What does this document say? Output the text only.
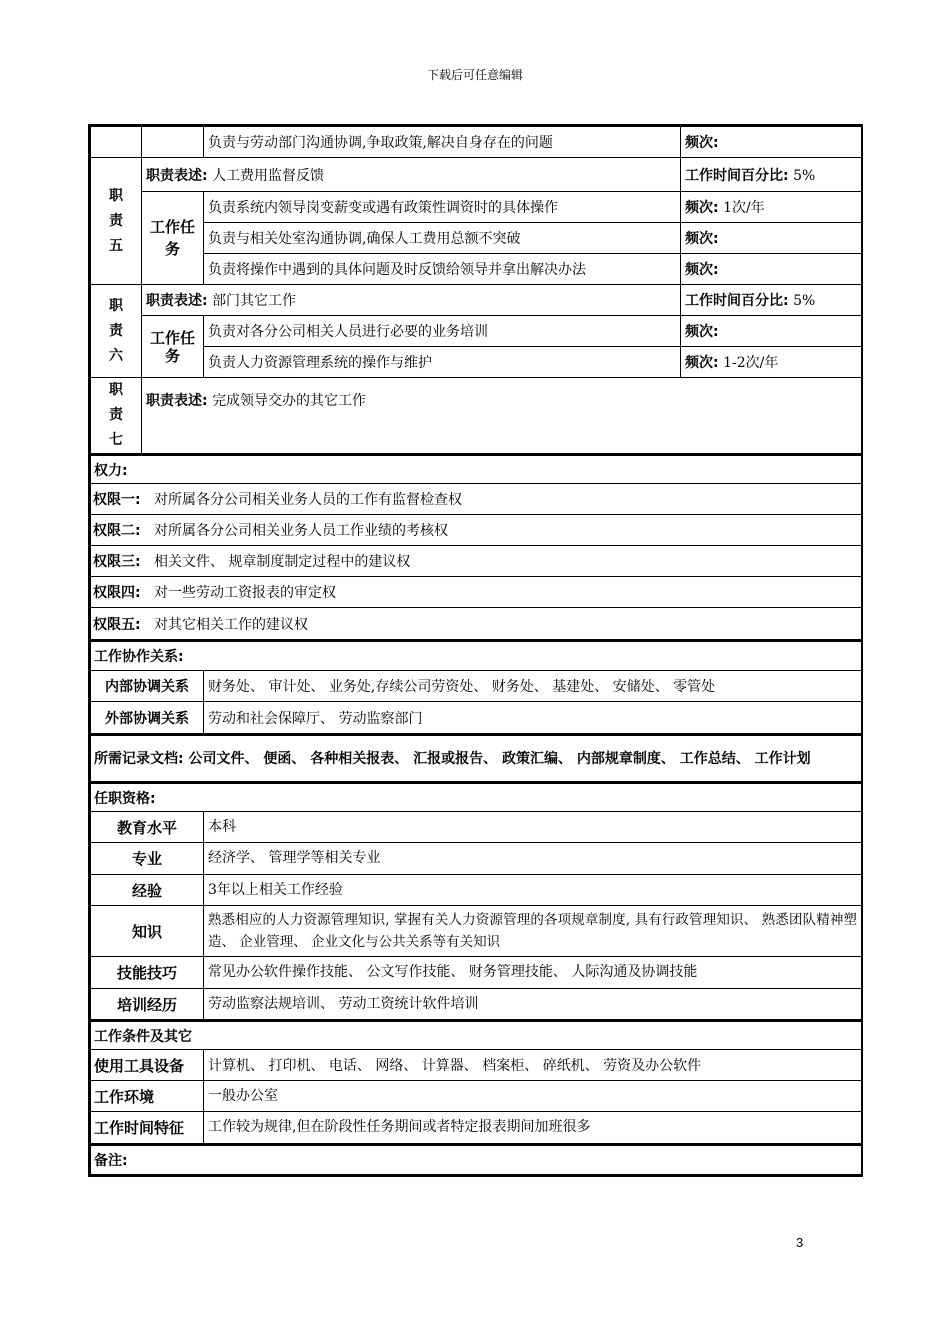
下载后可任意编辑
		负责与劳动部门沟通协调,争取政策,解决自身存在的问题	频次:
职
责
五	职责表述: 人工费用监督反馈		工作时间百分比: 5%
	工作任务	负责系统内领导岗变薪变或遇有政策性调资时的具体操作	频次: 1次/年
		负责与相关处室沟通协调,确保人工费用总额不突破	频次:
		负责将操作中遇到的具体问题及时反馈给领导并拿出解决办法	频次:
职
责
六	职责表述: 部门其它工作		工作时间百分比: 5%
	工作任务	负责对各分公司相关人员进行必要的业务培训	频次:
		负责人力资源管理系统的操作与维护	频次: 1-2次/年
职
责
七	职责表述: 完成领导交办的其它工作		
权力:			
权限一: 对所属各分公司相关业务人员的工作有监督检查权			
权限二: 对所属各分公司相关业务人员工作业绩的考核权			
权限三: 相关文件、 规章制度制定过程中的建议权			
权限四: 对一些劳动工资报表的审定权			
权限五: 对其它相关工作的建议权			
工作协作关系:			
内部协调关系		财务处、 审计处、 业务处,存续公司劳资处、 财务处、 基建处、 安储处、 零管处	
外部协调关系		劳动和社会保障厅、 劳动监察部门	
所需记录文档: 公司文件、 便函、 各种相关报表、 汇报或报告、 政策汇编、 内部规章制度、 工作总结、 工作计划			
任职资格:			
教育水平		本科	
专业		经济学、 管理学等相关专业	
经验		3年以上相关工作经验	
知识		熟悉相应的人力资源管理知识, 掌握有关人力资源管理的各项规章制度, 具有行政管理知识、 熟悉团队精神塑造、 企业管理、 企业文化与公共关系等有关知识	
技能技巧		常见办公软件操作技能、 公文写作技能、 财务管理技能、 人际沟通及协调技能	
培训经历		劳动监察法规培训、 劳动工资统计软件培训	
工作条件及其它			
使用工具设备		计算机、 打印机、 电话、 网络、 计算器、 档案柜、 碎纸机、 劳资及办公软件	
工作环境		一般办公室	
工作时间特征		工作较为规律,但在阶段性任务期间或者特定报表期间加班很多	
备注:			
3
